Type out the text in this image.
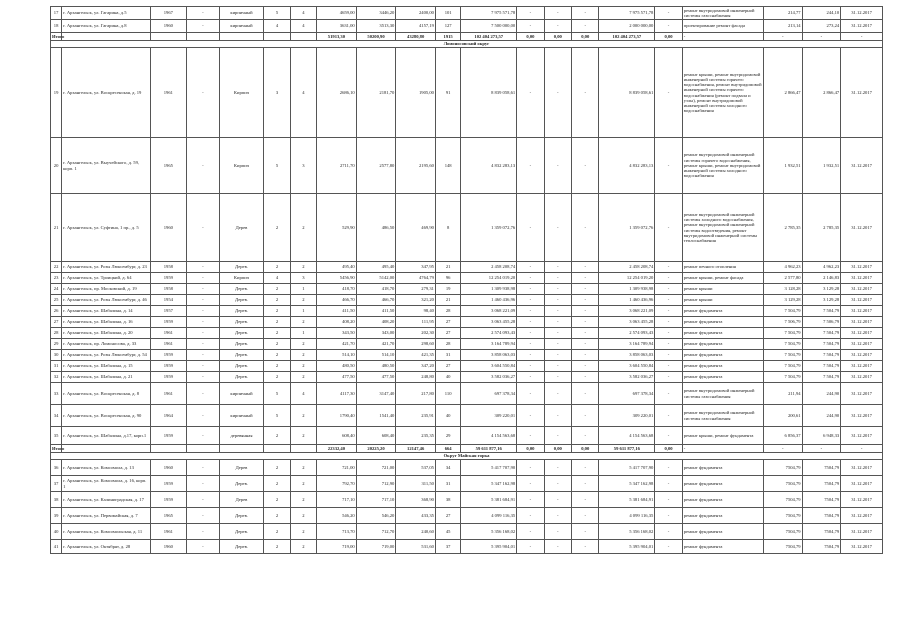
17	г. Архангельск, ул. Гагарина, д.5	1967	-	кирпичный	5	4	4659,00	3446,20	2400,00	101	7 975 571,78	-	-	-	7 975 571,78	-	ремонт внутридомовой инженерной системы газоснабжения	214,77	244,10	31.12.2017
18	г. Архангельск, ул. Гагарина, д.8	1960	-	кирпичный	4	4	3631,00	3513,30	4157,19	127	7 500 000,00	-	-	-	2 000 000,00	-	проектирование ремонт фасада	213,14	273,24	31.12.2017
Итого							51913,30	50200,90	43280,80	1915	102 404 273,57	0,00	0,00	0,00	102 404 273,57	0,00	-	-	-	-
Ломоносовский округ																				
19	г. Архангельск, ул. Воскресенская, д. 19	1961	-	Кирпич	3	4	2686,10	2181,70	1905,00	91	8 839 058,61	-	-	-	8 839 058,61	-	ремонт крыши, ремонт внутридомовой инженерной системы горячего водоснабжения, ремонт внутридомовой инженерной системы горячего водоснабжения (ремонт подвала и узлы), ремонт внутридомовой инженерной системы холодного водоснабжения	2 866,47	2 866,47	31.12.2017
20	г. Архангельск, ул. Выучейского, д. 59, корп. 1	1965	-	Кирпич	5	3	2711,70	2577,80	2195,60	148	4 832 283,13	-	-	-	4 832 283,13	-	ремонт внутридомовой инженерной системы горячего водоснабжения, ремонт крыши, ремонт внутридомовой инженерной системы холодного водоснабжения	1 932,51	1 932,51	31.12.2017
21	г. Архангельск, ул. Суфтина, 1 пр., д. 5	1960	-	Дерев	2	2	529,90	486,50	469,90	8	1 359 072,76	-	-	-	1 359 072,76	-	ремонт внутридомовой инженерной системы холодного водоснабжения, ремонт внутридомовой инженерной системы водоотведения, ремонт внутридомовой инженерной системы теплоснабжения	2 785,35	2 785,35	31.12.2017
22	г. Архангельск, ул. Розы Люксембург, д. 23	1958	-	Дерев.	2	2	495,40	495,40	347,95	21	2 458 208,74	-	-	-	2 458 208,74	-	ремонт печного отопления	4 962,23	4 962,23	31.12.2017
23	г. Архангельск, ул. Троицкий, д. 64	1959	-	Кирпич	4	3	5456,90	5142,00	4764,79	96	12 254 019,20	-	-	-	12 254 019,20	-	ремонт крыши, ремонт фасада	2 577,80	2 146,83	31.12.2017
24	г. Архангельск, пр. Московский, д. 19	1958	-	Дерев.	2	1	418,70	418,70	279,31	19	1 309 938,98	-	-	-	1 309 938,98	-	ремонт крыши	3 128,28	3 129,28	31.12.2017
25	г. Архангельск, ул. Розы Люксембург, д. 46	1954	-	Дерев.	2	2	466,70	466,70	321,20	21	1 460 436,96	-	-	-	1 460 436,96	-	ремонт крыши	3 129,28	3 129,28	31.12.2017
26	г. Архангельск, ул. Шабалина, д. 14	1957	-	Дерев.	2	1	411,50	411,50	98,40	28	3 068 221,09	-	-	-	3 068 221,09	-	ремонт фундамента	7 504,79	7 504,79	31.12.2017
27	г. Архангельск, ул. Шабалина, д. 16	1959	-	Дерев.	2	2	408,20	408,20	111,95	27	3 063 455,28	-	-	-	3 063 455,28	-	ремонт фундамента	7 506,79	7 506,79	31.12.2017
28	г. Архангельск, ул. Шабалина, д. 20	1961	-	Дерев.	2	1	343,50	343,00	202,30	27	2 574 093,43	-	-	-	2 574 093,43	-	ремонт фундамента	7 504,79	7 504,79	31.12.2017
29	г. Архангельск, пр. Ломоносова, д. 33	1961	-	Дерев.	2	2	421,70	421,70	298,60	28	3 164 789,94	-	-	-	3 164 789,94	-	ремонт фундамента	7 504,79	7 504,79	31.12.2017
30	г. Архангельск, ул. Розы Люксембург, д. 54	1959	-	Дерев.	2	2	514,10	514,10	421,35	31	3 858 063,03	-	-	-	3 858 063,03	-	ремонт фундамента	7 504,79	7 504,79	31.12.2017
31	г. Архангельск, ул. Шабалина, д. 15	1959	-	Дерев.	2	2	480,50	480,50	347,20	27	3 604 550,84	-	-	-	3 604 550,84	-	ремонт фундамента	7 504,79	7 504,79	31.12.2017
32	г. Архангельск, ул. Шабалина, д. 21	1959	-	Дерев.	2	2	477,50	477,50	248,80	40	3 582 036,27	-	-	-	3 582 036,27	-	ремонт фундамента	7 504,79	7 504,79	31.12.2017
33	г. Архангельск, ул. Воскресенская, д. 8	1961	-	кирпичный	5	4	4117,30	3147,40	217,80	110	697 378,34	-	-	-	697 378,34	-	ремонт внутридомовой инженерной системы газоснабжения	211,94	244,90	31.12.2017
34	г. Архангельск, ул. Воскресенская, д. 90	1964	-	кирпичный	5	2	1790,40	1541,40	235,91	40	309 220,01	-	-	-	309 220,01	-	ремонт внутридомовой инженерной системы газоснабжения	200,61	244,90	31.12.2017
35	г. Архангельск, ул. Шабалина, д.17, корп.1	1959	-	деревянная	2	2	608,40	608,40	235,35	29	4 154 563,68	-	-	-	4 154 563,68	-	ремонт крыши, ремонт фундамента	6 856,37	6 948,33	31.12.2017
Итого							22332,40	20225,20	12147,46	664	59 611 877,16	0,00	0,00	0,00	59 611 877,16	0,00	-	-	-	-
Округ Майская горка																				
36	г. Архангельск, ул. Комсомола, д. 13	1960	-	Дерев	2	2	721,00	721,00	537,05	34	5 417 707,90	-	-	-	5 417 707,90	-	ремонт фундамента	7504,79	7504,79	31.12.2017
37	г. Архангельск, ул. Комсомола, д. 16, корп. 1	1959	-	Дерев.	2	2	792,70	712,90	311,50	31	5 347 162,98	-	-	-	5 347 162,98	-	ремонт фундамента	7504,79	7504,79	31.12.2017
38	г. Архангельск, ул. Калиниградская, д. 17	1959	-	Дерев	2	2	717,10	717,10	368,90	38	5 381 684,91	-	-	-	5 381 684,91	-	ремонт фундамента	7504,79	7504,79	31.12.2017
39	г. Архангельск, ул. Первомайская, д. 7	1965	-	Дерев.	2	2	546,20	546,20	433,35	27	4 099 116,35	-	-	-	4 099 116,35	-	ремонт фундамента	7504,79	7504,79	31.12.2017
40	г. Архангельск, ул. Комсомольская, д. 11	1961	-	Дерев.	2	2	713,70	712,70	240,60	45	5 356 168,02	-	-	-	5 356 168,02	-	ремонт фундамента	7504,79	7504,79	31.12.2017
41	г. Архангельск, ул. Октябрят, д. 28	1960	-	Дерев.	2	2	719,00	719,00	531,60	37	5 395 904,01	-	-	-	5 395 904,01	-	ремонт фундамента	7504,79	7504,79	31.12.2017
